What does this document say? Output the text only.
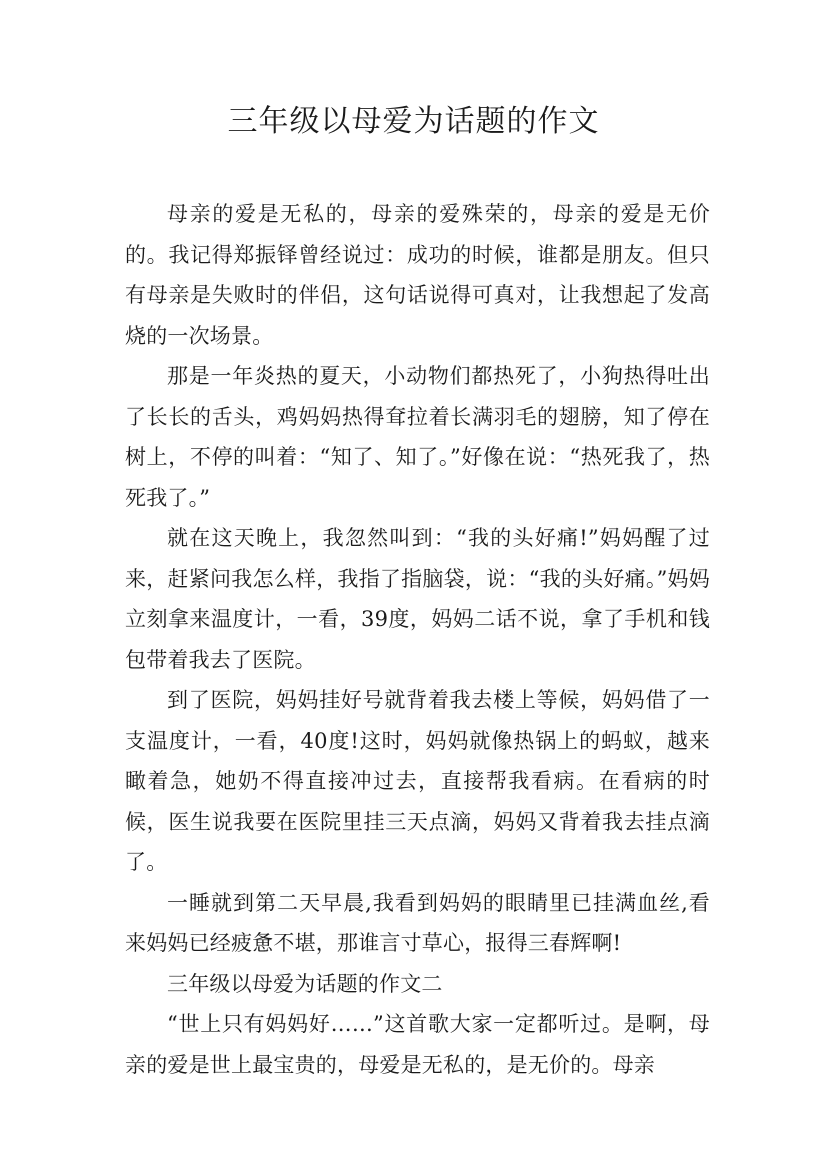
三年级以母爱为话题的作文

母亲的爱是无私的，母亲的爱殊荣的，母亲的爱是无价的。我记得郑振铎曾经说过：成功的时候，谁都是朋友。但只有母亲是失败时的伴侣，这句话说得可真对，让我想起了发高烧的一次场景。

那是一年炎热的夏天，小动物们都热死了，小狗热得吐出了长长的舌头，鸡妈妈热得耷拉着长满羽毛的翅膀，知了停在树上，不停的叫着：“知了、知了。”好像在说：“热死我了，热死我了。”

就在这天晚上，我忽然叫到：“我的头好痛!”妈妈醒了过来，赶紧问我怎么样，我指了指脑袋，说：“我的头好痛。”妈妈立刻拿来温度计，一看，39度，妈妈二话不说，拿了手机和钱包带着我去了医院。

到了医院，妈妈挂好号就背着我去楼上等候，妈妈借了一支温度计，一看，40度!这时，妈妈就像热锅上的蚂蚁，越来瞰着急，她奶不得直接冲过去，直接帮我看病。在看病的时候，医生说我要在医院里挂三天点滴，妈妈又背着我去挂点滴了。

一睡就到第二天早晨,我看到妈妈的眼睛里已挂满血丝,看来妈妈已经疲惫不堪，那谁言寸草心，报得三春辉啊!

三年级以母爱为话题的作文二

“世上只有妈妈好……”这首歌大家一定都听过。是啊，母亲的爱是世上最宝贵的，母爱是无私的，是无价的。母亲
